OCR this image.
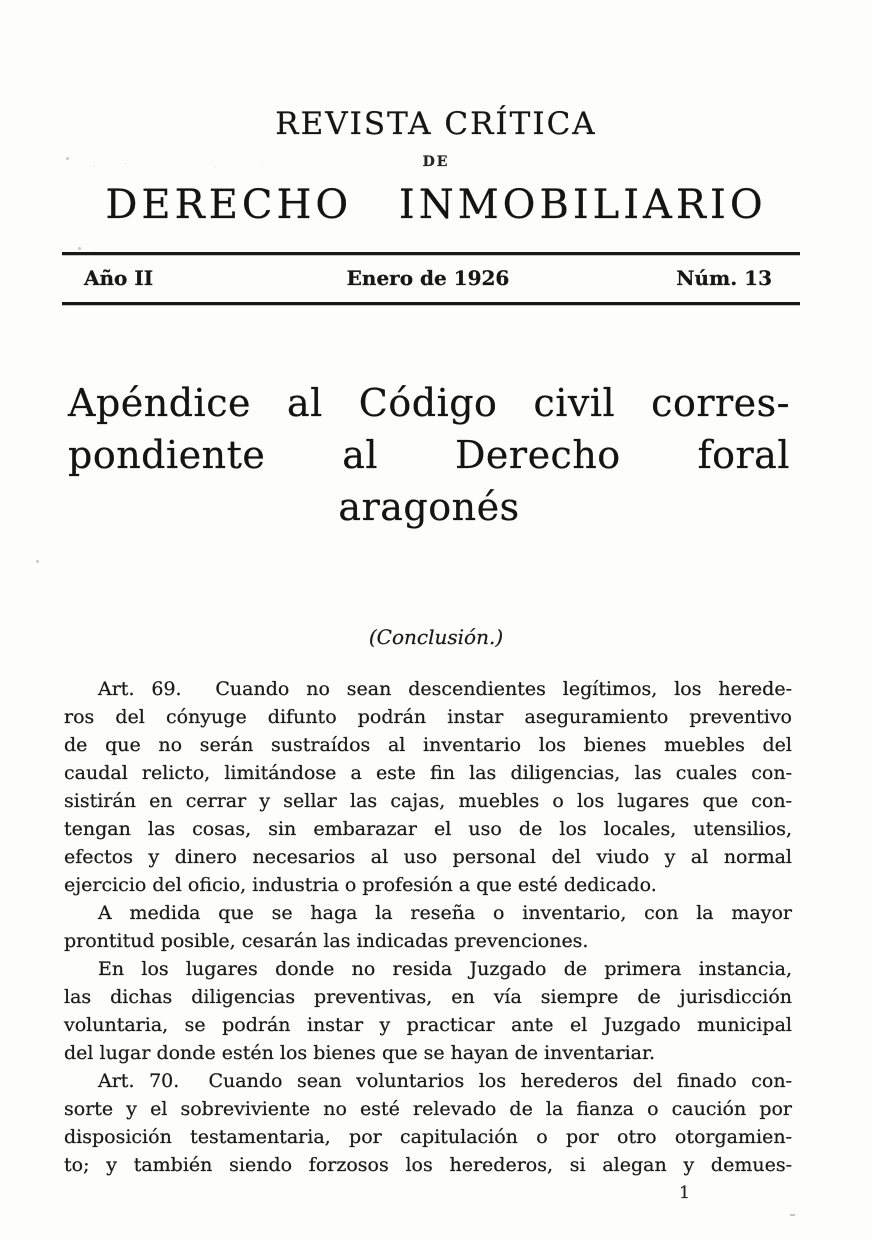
REVISTA CRÍTICA
DE
DERECHO INMOBILIARIO
Año II	Enero de 1926	Núm. 13
Apéndice al Código civil corres-
pondiente al Derecho foral
aragonés
(Conclusión.)
Art. 69.  Cuando no sean descendientes legítimos, los herede-
ros del cónyuge difunto podrán instar aseguramiento preventivo
de que no serán sustraídos al inventario los bienes muebles del
caudal relicto, limitándose a este fin las diligencias, las cuales con-
sistirán en cerrar y sellar las cajas, muebles o los lugares que con-
tengan las cosas, sin embarazar el uso de los locales, utensilios,
efectos y dinero necesarios al uso personal del viudo y al normal
ejercicio del oficio, industria o profesión a que esté dedicado.
A medida que se haga la reseña o inventario, con la mayor
prontitud posible, cesarán las indicadas prevenciones.
En los lugares donde no resida Juzgado de primera instancia,
las dichas diligencias preventivas, en vía siempre de jurisdicción
voluntaria, se podrán instar y practicar ante el Juzgado municipal
del lugar donde estén los bienes que se hayan de inventariar.
Art. 70.  Cuando sean voluntarios los herederos del finado con-
sorte y el sobreviviente no esté relevado de la fianza o caución por
disposición testamentaria, por capitulación o por otro otorgamien-
to; y también siendo forzosos los herederos, si alegan y demues-
1
